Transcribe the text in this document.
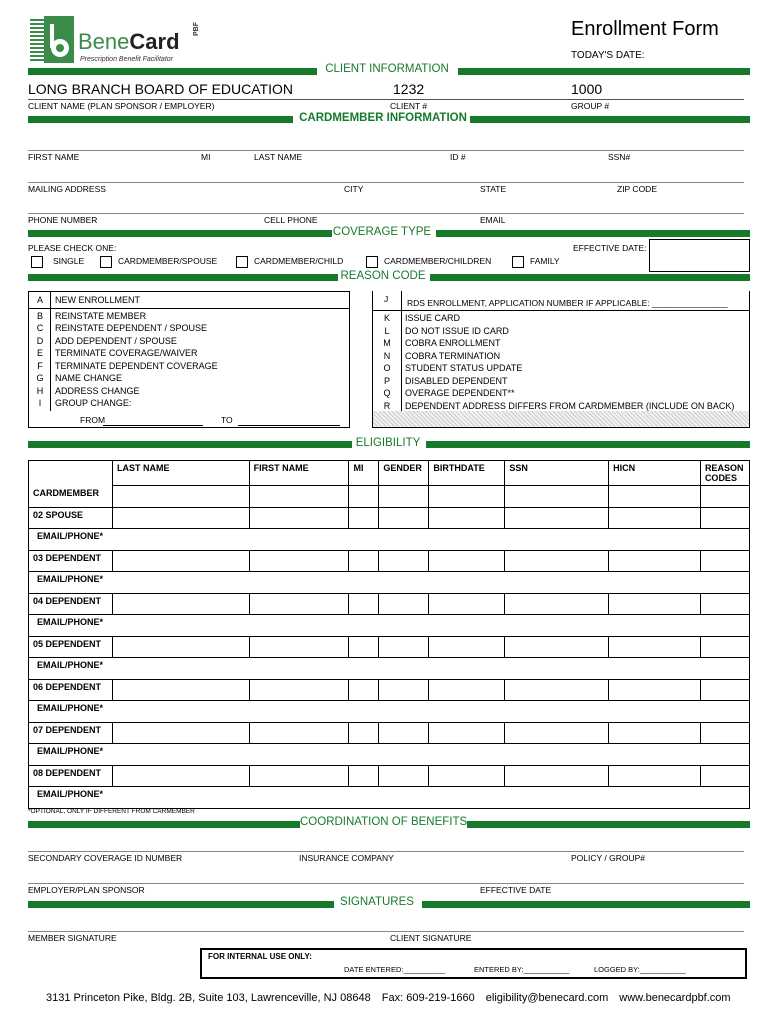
BeneCard PBF
Prescription Benefit Facilitator
Enrollment Form
TODAY'S DATE:
CLIENT INFORMATION
LONG BRANCH BOARD OF EDUCATION	1232	1000
CLIENT NAME (PLAN SPONSOR / EMPLOYER)	CLIENT #	GROUP #
CARDMEMBER INFORMATION
FIRST NAME	MI	LAST NAME	ID #	SSN#
MAILING ADDRESS	CITY	STATE	ZIP CODE
PHONE NUMBER	CELL PHONE	EMAIL
COVERAGE TYPE
PLEASE CHECK ONE:	EFFECTIVE DATE:
SINGLE	CARDMEMBER/SPOUSE	CARDMEMBER/CHILD	CARDMEMBER/CHILDREN	FAMILY
REASON CODE
A	NEW ENROLLMENT

B	REINSTATE MEMBER
C	REINSTATE DEPENDENT / SPOUSE
D	ADD DEPENDENT / SPOUSE
E	TERMINATE COVERAGE/WAIVER
F	TERMINATE DEPENDENT COVERAGE
G	NAME CHANGE
H	ADDRESS CHANGE
I	GROUP CHANGE:
FROM	TO
J RDS ENROLLMENT, APPLICATION NUMBER IF APPLICABLE: ________________
K	ISSUE CARD
L	DO NOT ISSUE ID CARD
M	COBRA ENROLLMENT
N	COBRA TERMINATION
O	STUDENT STATUS UPDATE
P	DISABLED DEPENDENT
Q	OVERAGE DEPENDENT**
R	DEPENDENT ADDRESS DIFFERS FROM CARDMEMBER (INCLUDE ON BACK)
ELIGIBILITY
	LAST NAME	FIRST NAME	MI	GENDER	BIRTHDATE	SSN	HICN	REASON CODES
CARDMEMBER								
02 SPOUSE								
EMAIL/PHONE*								
03 DEPENDENT								
EMAIL/PHONE*								
04 DEPENDENT								
EMAIL/PHONE*								
05 DEPENDENT								
EMAIL/PHONE*								
06 DEPENDENT								
EMAIL/PHONE*								
07 DEPENDENT								
EMAIL/PHONE*								
08 DEPENDENT								
EMAIL/PHONE*								
*OPTIONAL, ONLY IF DIFFERENT FROM CARMEMBER
COORDINATION OF BENEFITS
SECONDARY COVERAGE ID NUMBER	INSURANCE COMPANY	POLICY / GROUP#
EMPLOYER/PLAN SPONSOR	EFFECTIVE DATE
SIGNATURES
MEMBER SIGNATURE	CLIENT SIGNATURE
FOR INTERNAL USE ONLY:
DATE ENTERED:__________	ENTERED BY:___________	LOGGED BY:___________
3131 Princeton Pike, Bldg. 2B, Suite 103, Lawrenceville, NJ 08648 Fax: 609-219-1660 eligibility@benecard.com www.benecardpbf.com
